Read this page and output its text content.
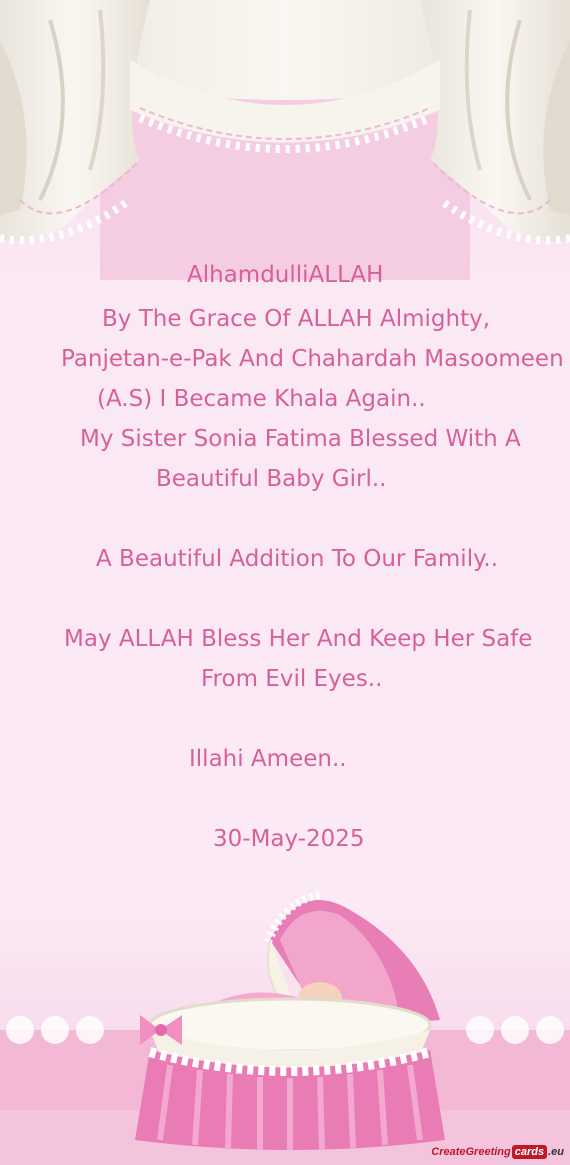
AlhamdulliALLAH
By The Grace Of ALLAH Almighty,
Panjetan-e-Pak And Chahardah Masoomeen
(A.S) I Became Khala Again..
My Sister Sonia Fatima Blessed With A
Beautiful Baby Girl..
A Beautiful Addition To Our Family..
May ALLAH Bless Her And Keep Her Safe
From Evil Eyes..
Illahi Ameen..
30-May-2025
CreateGreeting cards .eu
